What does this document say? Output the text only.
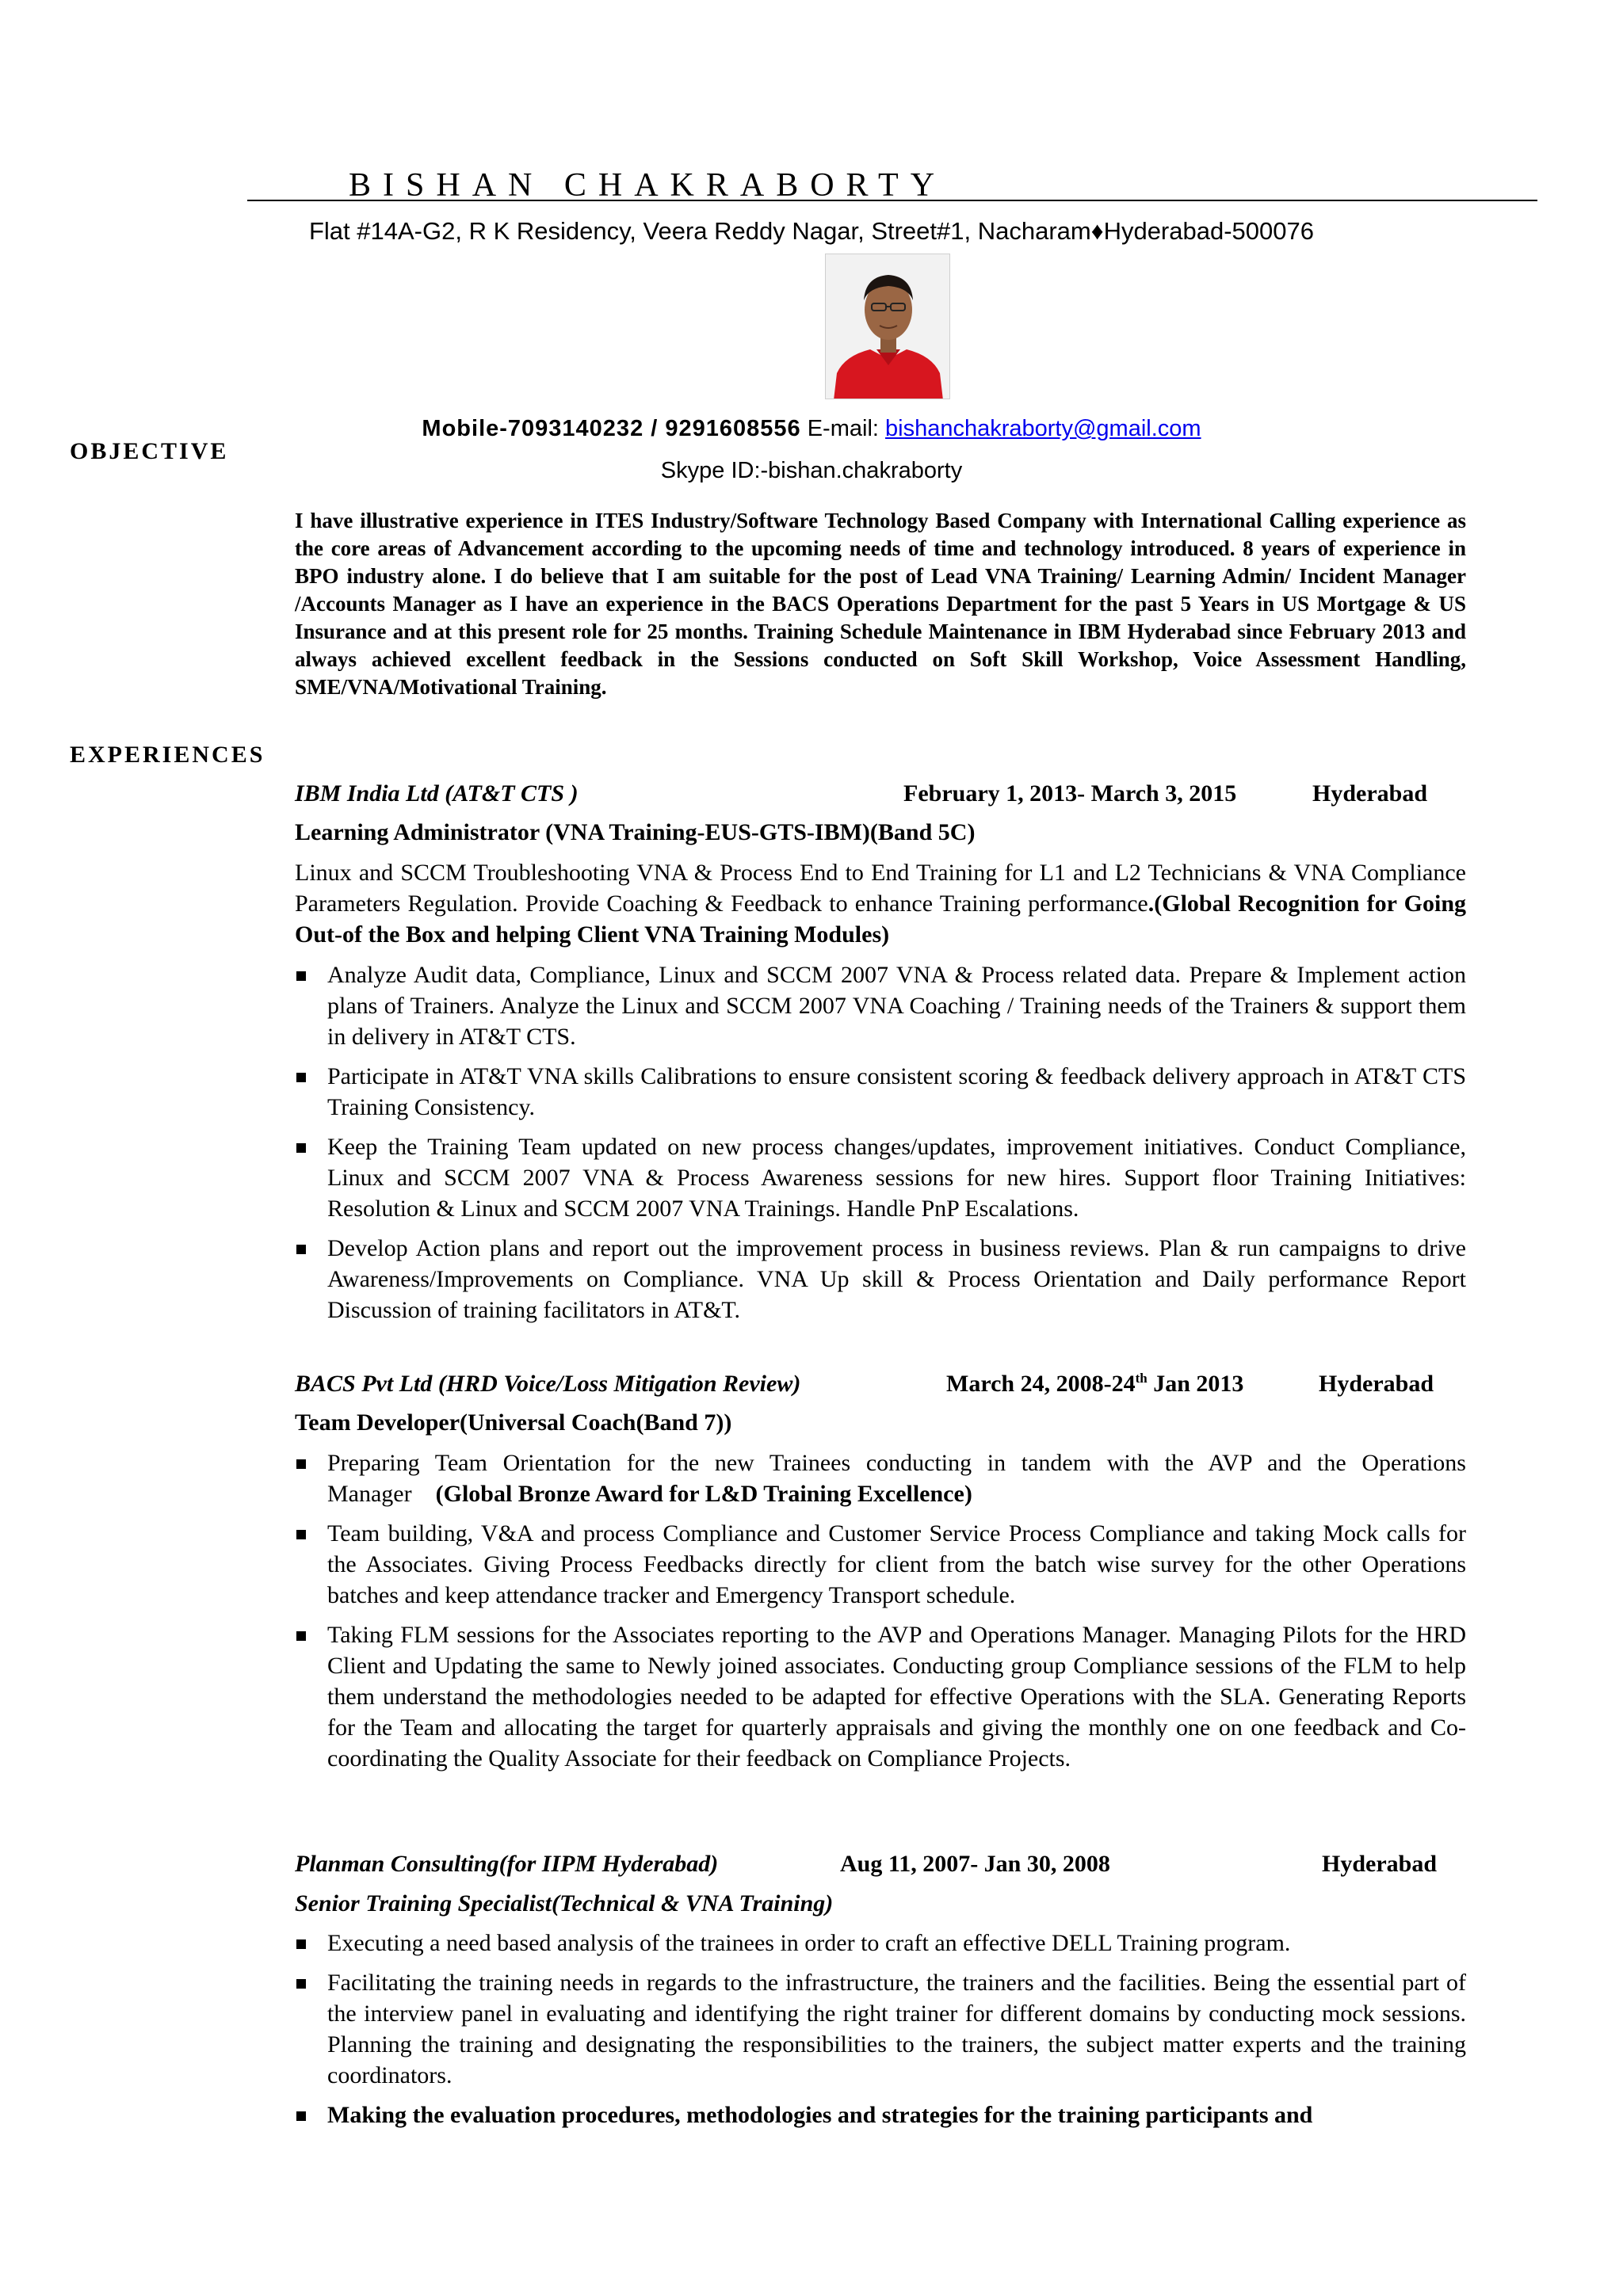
BISHAN CHAKRABORTY
Flat #14A-G2, R K Residency, Veera Reddy Nagar, Street#1, Nacharam♦Hyderabad-500076
Mobile-7093140232 / 9291608556 E-mail: bishanchakraborty@gmail.com
Skype ID:-bishan.chakraborty
OBJECTIVE
I have illustrative experience in ITES Industry/Software Technology Based Company with International Calling experience as the core areas of Advancement according to the upcoming needs of time and technology introduced. 8 years of experience in BPO industry alone. I do believe that I am suitable for the post of Lead VNA Training/ Learning Admin/ Incident Manager /Accounts Manager as I have an experience in the BACS Operations Department for the past 5 Years in US Mortgage & US Insurance and at this present role for 25 months. Training Schedule Maintenance in IBM Hyderabad since February 2013 and always achieved excellent feedback in the Sessions conducted on Soft Skill Workshop, Voice Assessment Handling, SME/VNA/Motivational Training.
EXPERIENCES
IBM India Ltd (AT&T CTS )	February 1, 2013- March 3, 2015	Hyderabad
Learning Administrator (VNA Training-EUS-GTS-IBM)(Band 5C)
Linux and SCCM Troubleshooting VNA & Process End to End Training for L1 and L2 Technicians & VNA Compliance Parameters Regulation. Provide Coaching & Feedback to enhance Training performance.(Global Recognition for Going Out-of the Box and helping Client VNA Training Modules)
Analyze Audit data, Compliance, Linux and SCCM 2007 VNA & Process related data. Prepare & Implement action plans of Trainers. Analyze the Linux and SCCM 2007 VNA Coaching / Training needs of the Trainers & support them in delivery in AT&T CTS.
Participate in AT&T VNA skills Calibrations to ensure consistent scoring & feedback delivery approach in AT&T CTS Training Consistency.
Keep the Training Team updated on new process changes/updates, improvement initiatives. Conduct Compliance, Linux and SCCM 2007 VNA & Process Awareness sessions for new hires. Support floor Training Initiatives: Resolution & Linux and SCCM 2007 VNA Trainings. Handle PnP Escalations.
Develop Action plans and report out the improvement process in business reviews. Plan & run campaigns to drive Awareness/Improvements on Compliance. VNA Up skill & Process Orientation and Daily performance Report Discussion of training facilitators in AT&T.
BACS Pvt Ltd (HRD Voice/Loss Mitigation Review)	March 24, 2008-24th Jan 2013	Hyderabad
Team Developer(Universal Coach(Band 7))
Preparing Team Orientation for the new Trainees conducting in tandem with the AVP and the Operations Manager (Global Bronze Award for L&D Training Excellence)
Team building, V&A and process Compliance and Customer Service Process Compliance and taking Mock calls for the Associates. Giving Process Feedbacks directly for client from the batch wise survey for the other Operations batches and keep attendance tracker and Emergency Transport schedule.
Taking FLM sessions for the Associates reporting to the AVP and Operations Manager. Managing Pilots for the HRD Client and Updating the same to Newly joined associates. Conducting group Compliance sessions of the FLM to help them understand the methodologies needed to be adapted for effective Operations with the SLA. Generating Reports for the Team and allocating the target for quarterly appraisals and giving the monthly one on one feedback and Co-coordinating the Quality Associate for their feedback on Compliance Projects.
Planman Consulting(for IIPM Hyderabad)	Aug 11, 2007- Jan 30, 2008	Hyderabad
Senior Training Specialist(Technical & VNA Training)
Executing a need based analysis of the trainees in order to craft an effective DELL Training program.
Facilitating the training needs in regards to the infrastructure, the trainers and the facilities. Being the essential part of the interview panel in evaluating and identifying the right trainer for different domains by conducting mock sessions. Planning the training and designating the responsibilities to the trainers, the subject matter experts and the training coordinators.
Making the evaluation procedures, methodologies and strategies for the training participants and
